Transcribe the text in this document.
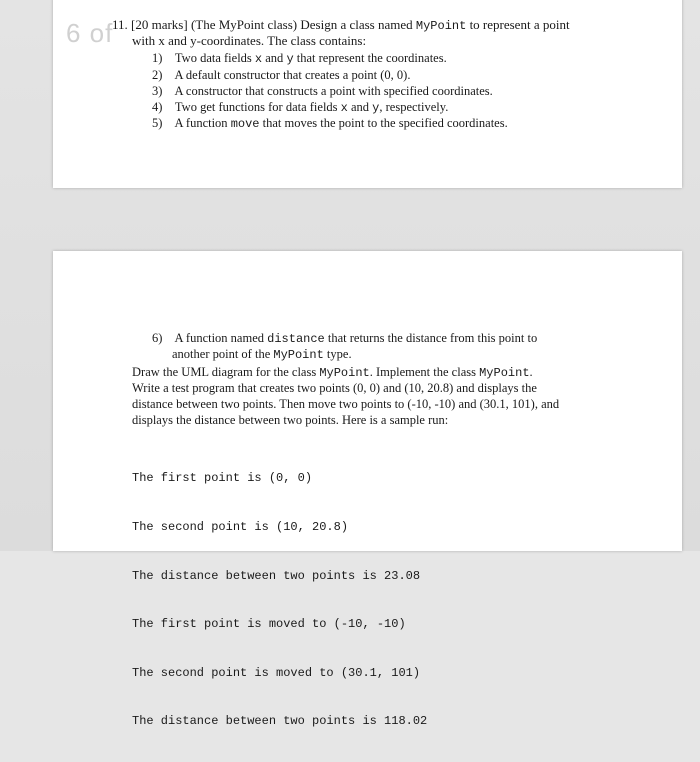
6 of
11. [20 marks] (The MyPoint class) Design a class named MyPoint to represent a point
with x and y-coordinates. The class contains:
1) Two data fields x and y that represent the coordinates.
2) A default constructor that creates a point (0, 0).
3) A constructor that constructs a point with specified coordinates.
4) Two get functions for data fields x and y, respectively.
5) A function move that moves the point to the specified coordinates.
6) A function named distance that returns the distance from this point to
another point of the MyPoint type.
Draw the UML diagram for the class MyPoint. Implement the class MyPoint.
Write a test program that creates two points (0, 0) and (10, 20.8) and displays the
distance between two points. Then move two points to (-10, -10) and (30.1, 101), and
displays the distance between two points. Here is a sample run:

The first point is (0, 0)

The second point is (10, 20.8)

The distance between two points is 23.08

The first point is moved to (-10, -10)

The second point is moved to (30.1, 101)

The distance between two points is 118.02
